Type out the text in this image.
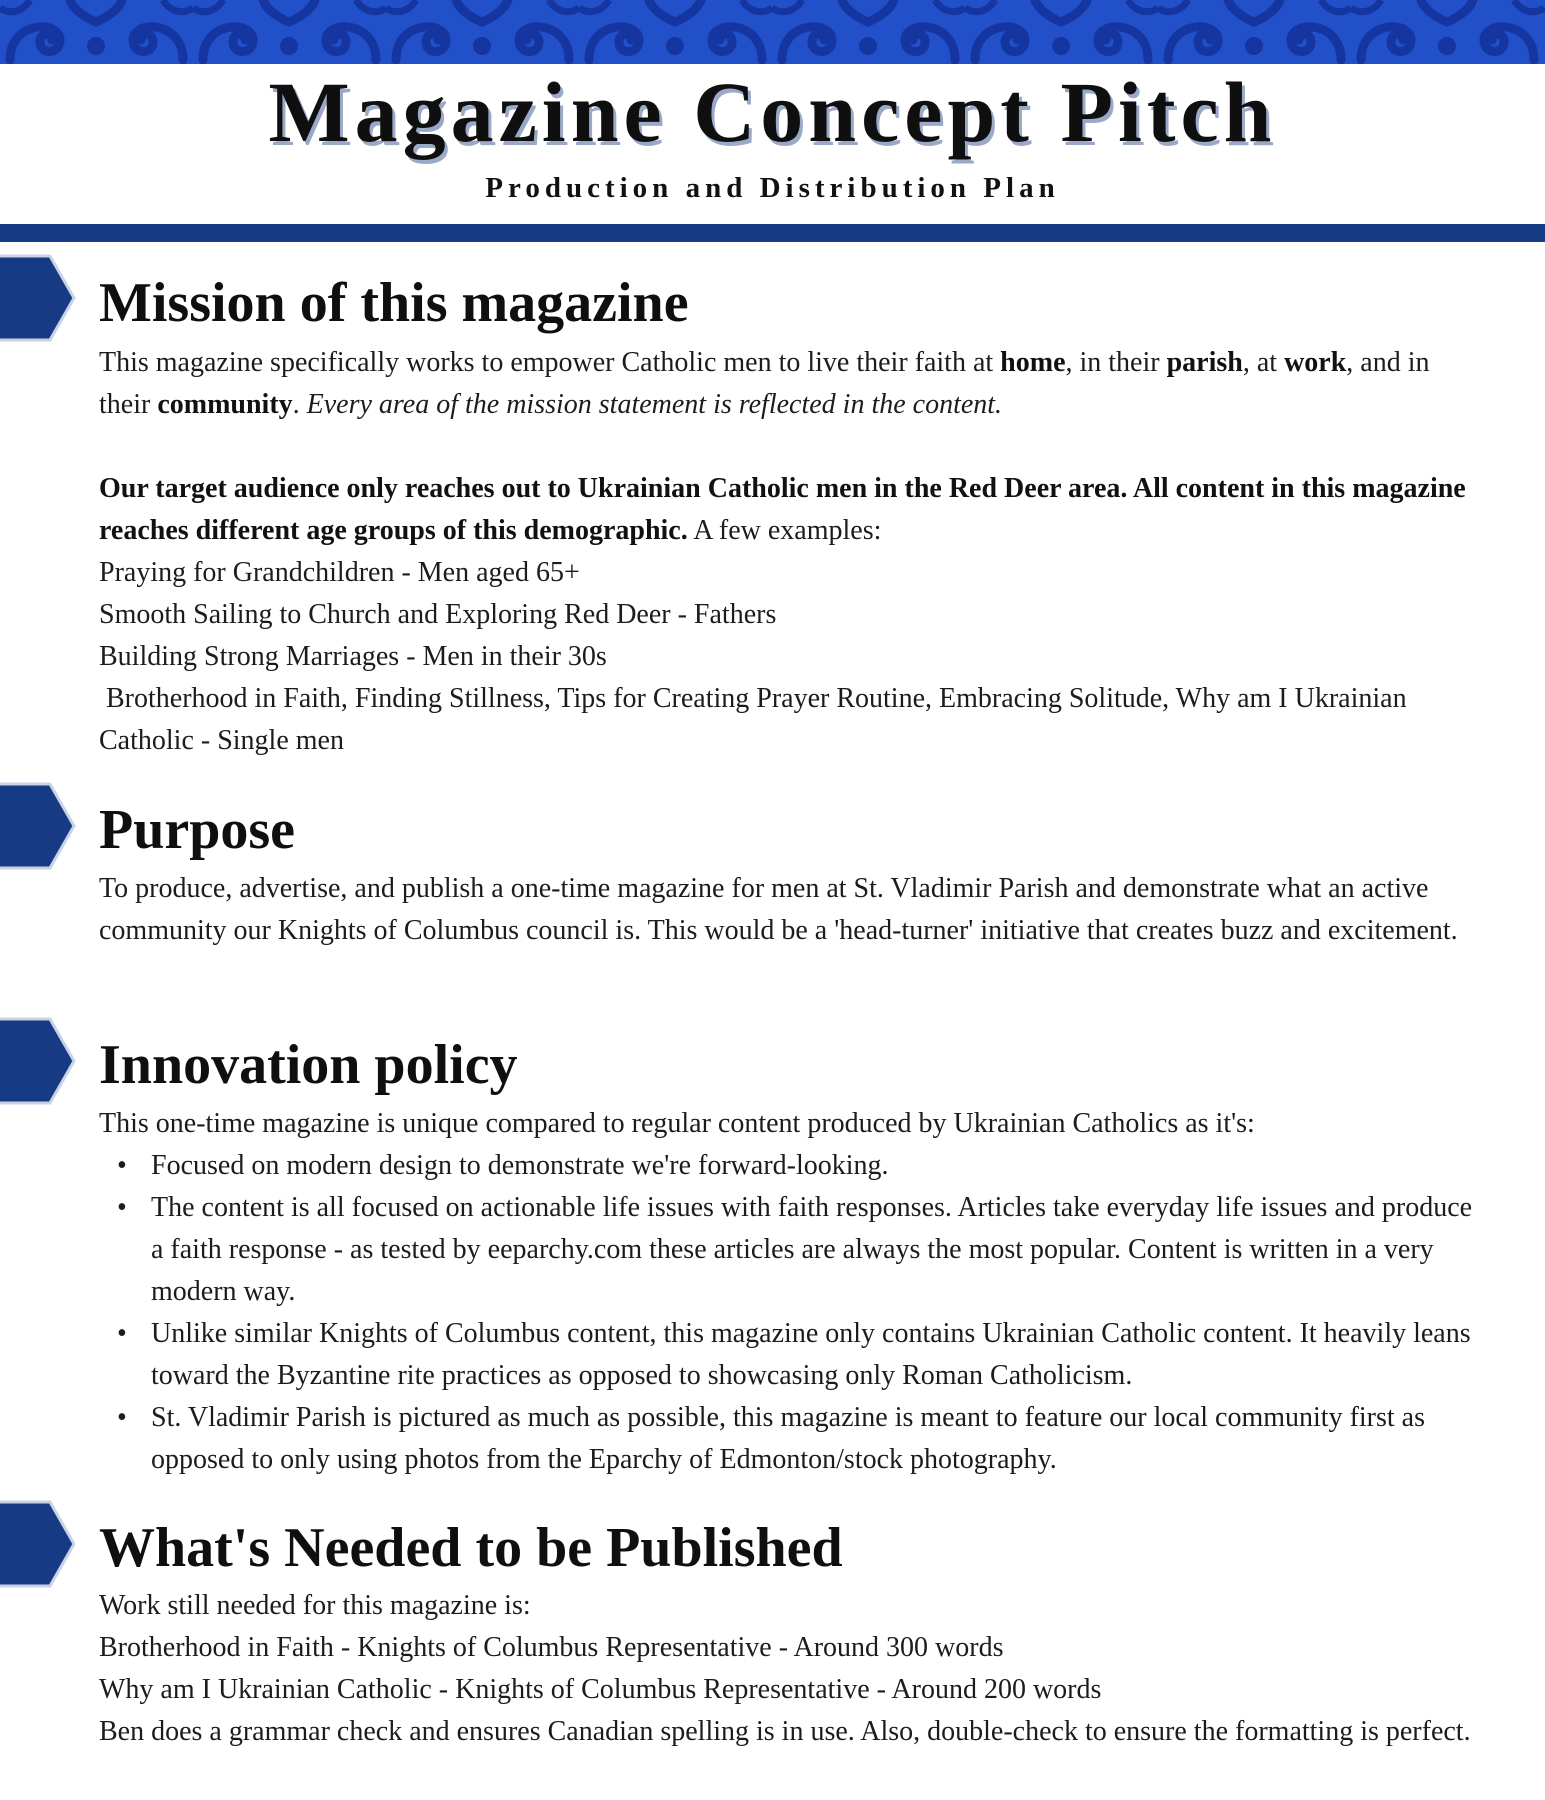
Magazine Concept Pitch
Production and Distribution Plan
Mission of this magazine

This magazine specifically works to empower Catholic men to live their faith at home, in their parish, at work, and in their community. Every area of the mission statement is reflected in the content.

Our target audience only reaches out to Ukrainian Catholic men in the Red Deer area. All content in this magazine reaches different age groups of this demographic. A few examples:

Praying for Grandchildren - Men aged 65+

Smooth Sailing to Church and Exploring Red Deer - Fathers

Building Strong Marriages - Men in their 30s

Brotherhood in Faith, Finding Stillness, Tips for Creating Prayer Routine, Embracing Solitude, Why am I Ukrainian Catholic - Single men

Purpose

To produce, advertise, and publish a one-time magazine for men at St. Vladimir Parish and demonstrate what an active community our Knights of Columbus council is. This would be a 'head-turner' initiative that creates buzz and excitement.

Innovation policy

This one-time magazine is unique compared to regular content produced by Ukrainian Catholics as it's:

• Focused on modern design to demonstrate we're forward-looking.
• The content is all focused on actionable life issues with faith responses. Articles take everyday life issues and produce a faith response - as tested by eeparchy.com these articles are always the most popular. Content is written in a very modern way.
• Unlike similar Knights of Columbus content, this magazine only contains Ukrainian Catholic content. It heavily leans toward the Byzantine rite practices as opposed to showcasing only Roman Catholicism.
• St. Vladimir Parish is pictured as much as possible, this magazine is meant to feature our local community first as opposed to only using photos from the Eparchy of Edmonton/stock photography.
What's Needed to be Published

Work still needed for this magazine is:

Brotherhood in Faith - Knights of Columbus Representative - Around 300 words

Why am I Ukrainian Catholic - Knights of Columbus Representative - Around 200 words

Ben does a grammar check and ensures Canadian spelling is in use. Also, double-check to ensure the formatting is perfect.
